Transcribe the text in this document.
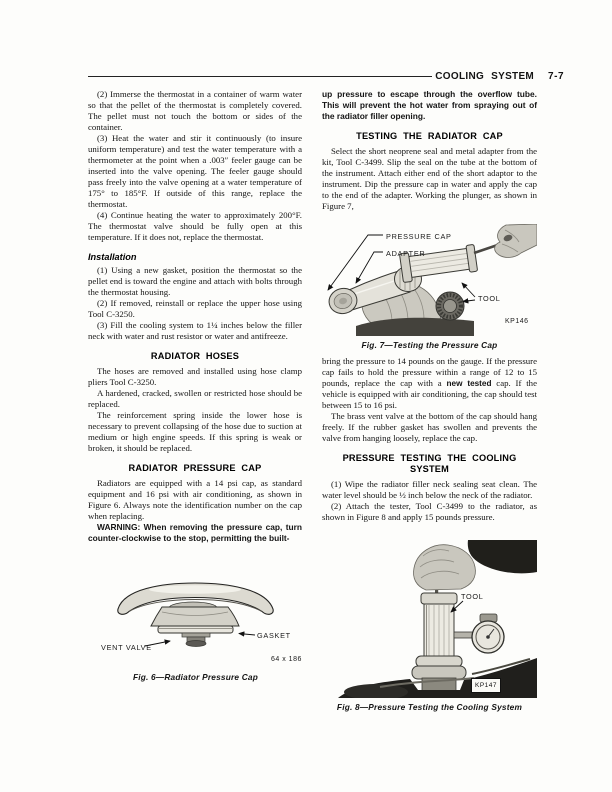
COOLING SYSTEM 7-7

(2) Immerse the thermostat in a container of warm water so that the pellet of the thermostat is completely covered. The pellet must not touch the bottom or sides of the container.

(3) Heat the water and stir it continuously (to insure uniform temperature) and test the water temperature with a thermometer at the point when a .003″ feeler gauge can be inserted into the valve opening. The feeler gauge should pass freely into the valve opening at a water temperature of 175° to 185°F. If outside of this range, replace the thermostat.

(4) Continue heating the water to approximately 200°F. The thermostat valve should be fully open at this temperature. If it does not, replace the thermostat.

Installation

(1) Using a new gasket, position the thermostat so the pellet end is toward the engine and attach with bolts through the thermostat housing.

(2) If removed, reinstall or replace the upper hose using Tool C-3250.

(3) Fill the cooling system to 1¼ inches below the filler neck with water and rust resistor or water and antifreeze.

RADIATOR HOSES

The hoses are removed and installed using hose clamp pliers Tool C-3250.

A hardened, cracked, swollen or restricted hose should be replaced.

The reinforcement spring inside the lower hose is necessary to prevent collapsing of the hose due to suction at medium or high engine speeds. If this spring is weak or broken, it should be replaced.

RADIATOR PRESSURE CAP

Radiators are equipped with a 14 psi cap, as standard equipment and 16 psi with air conditioning, as shown in Figure 6. Always note the identification number on the cap when replacing.

WARNING: When removing the pressure cap, turn counter-clockwise to the stop, permitting the built-

VENT VALVE
GASKET
64 x 186
Fig. 6—Radiator Pressure Cap

up pressure to escape through the overflow tube. This will prevent the hot water from spraying out of the radiator filler opening.

TESTING THE RADIATOR CAP

Select the short neoprene seal and metal adapter from the kit, Tool C-3499. Slip the seal on the tube at the bottom of the instrument. Attach either end of the short adaptor to the instrument. Dip the pressure cap in water and apply the cap to the end of the adapter. Working the plunger, as shown in Figure 7,

PRESSURE CAP
ADAPTER
TOOL
KP146
Fig. 7—Testing the Pressure Cap

bring the pressure to 14 pounds on the gauge. If the pressure cap fails to hold the pressure within a range of 12 to 15 pounds, replace the cap with a new tested cap. If the vehicle is equipped with air conditioning, the cap should test between 15 to 16 psi.

The brass vent valve at the bottom of the cap should hang freely. If the rubber gasket has swollen and prevents the valve from hanging loosely, replace the cap.

PRESSURE TESTING THE COOLING SYSTEM

(1) Wipe the radiator filler neck sealing seat clean. The water level should be ½ inch below the neck of the radiator.

(2) Attach the tester, Tool C-3499 to the radiator, as shown in Figure 8 and apply 15 pounds pressure.

TOOL
KP147
Fig. 8—Pressure Testing the Cooling System
